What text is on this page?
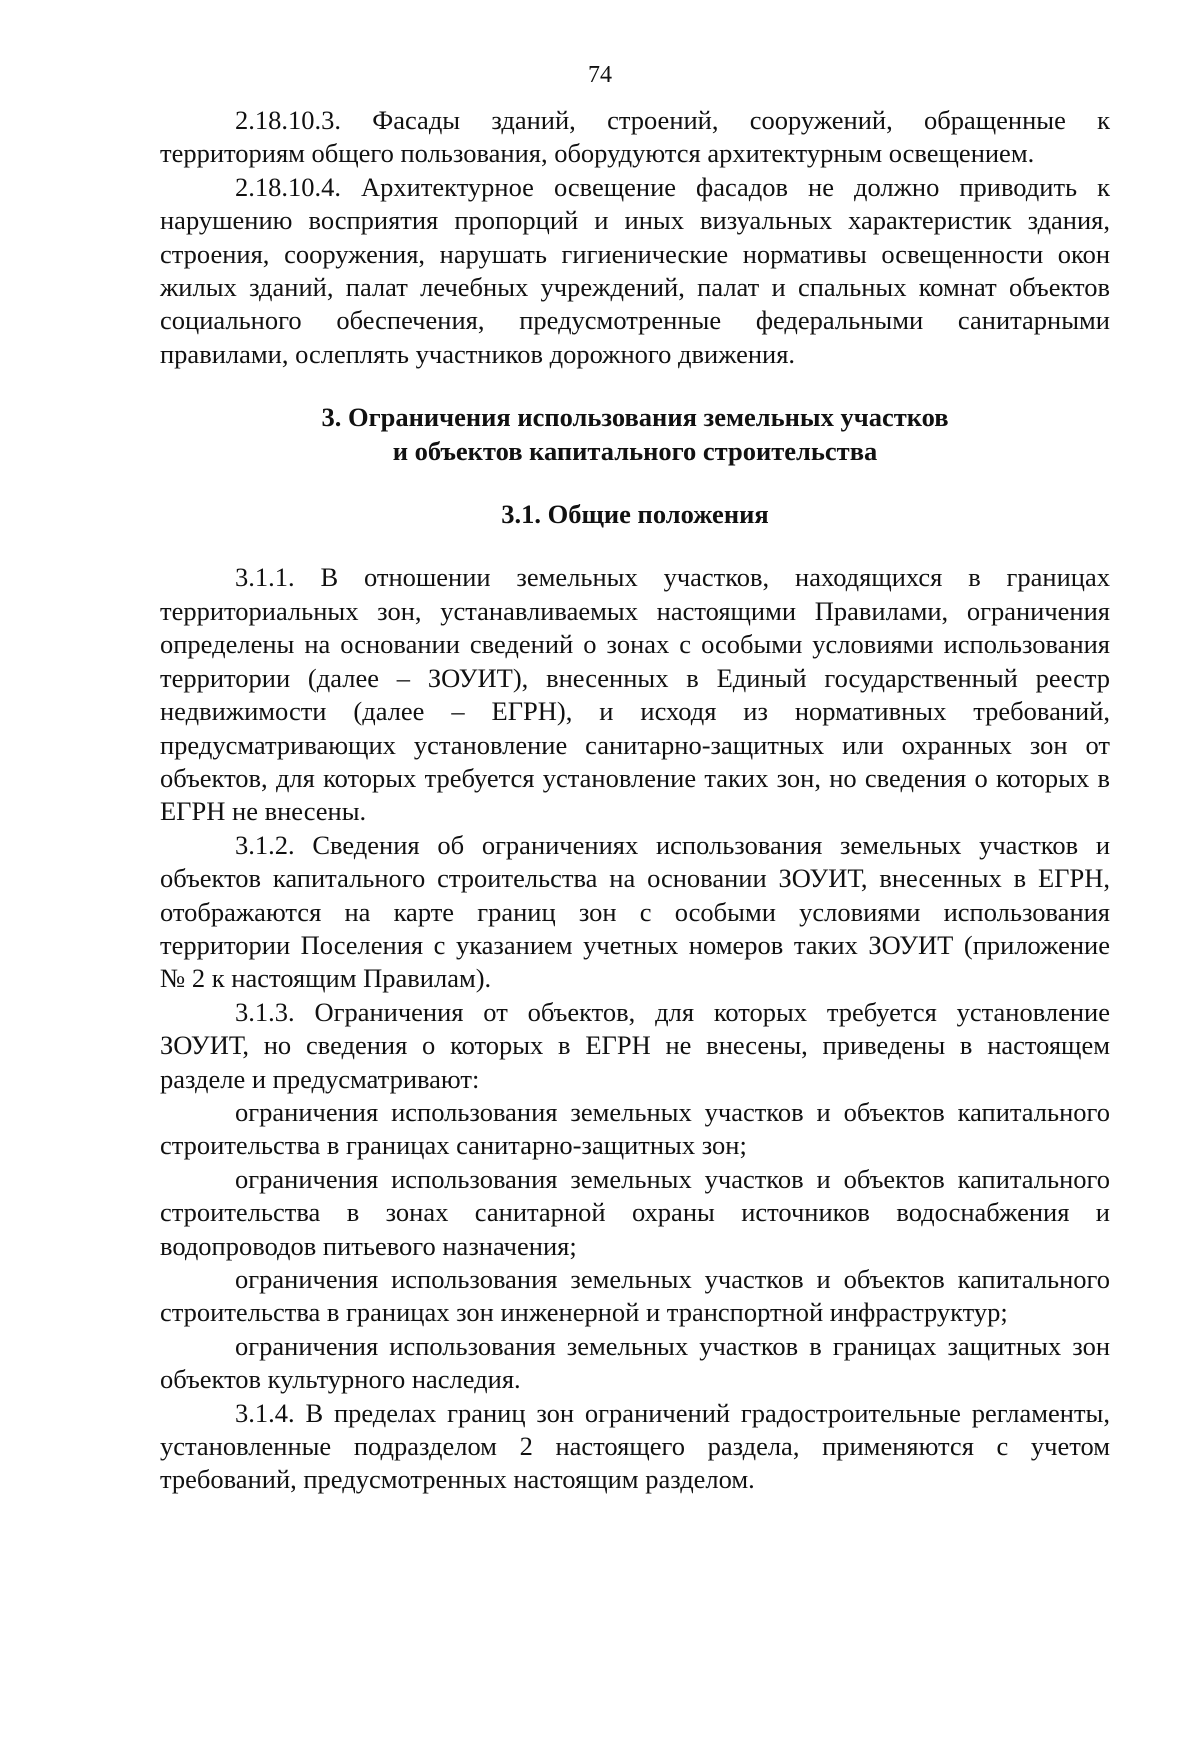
74

2.18.10.3. Фасады зданий, строений, сооружений, обращенные к территориям общего пользования, оборудуются архитектурным освещением.

2.18.10.4. Архитектурное освещение фасадов не должно приводить к нарушению восприятия пропорций и иных визуальных характеристик здания, строения, сооружения, нарушать гигиенические нормативы освещенности окон жилых зданий, палат лечебных учреждений, палат и спальных комнат объектов социального обеспечения, предусмотренные федеральными санитарными правилами, ослеплять участников дорожного движения.

3. Ограничения использования земельных участков
и объектов капитального строительства
3.1. Общие положения

3.1.1. В отношении земельных участков, находящихся в границах территориальных зон, устанавливаемых настоящими Правилами, ограничения определены на основании сведений о зонах с особыми условиями использования территории (далее – ЗОУИТ), внесенных в Единый государственный реестр недвижимости (далее – ЕГРН), и исходя из нормативных требований, предусматривающих установление санитарно-защитных или охранных зон от объектов, для которых требуется установление таких зон, но сведения о которых в ЕГРН не внесены.

3.1.2. Сведения об ограничениях использования земельных участков и объектов капитального строительства на основании ЗОУИТ, внесенных в ЕГРН, отображаются на карте границ зон с особыми условиями использования территории Поселения с указанием учетных номеров таких ЗОУИТ (приложение № 2 к настоящим Правилам).

3.1.3. Ограничения от объектов, для которых требуется установление ЗОУИТ, но сведения о которых в ЕГРН не внесены, приведены в настоящем разделе и предусматривают:

ограничения использования земельных участков и объектов капитального строительства в границах санитарно-защитных зон;

ограничения использования земельных участков и объектов капитального строительства в зонах санитарной охраны источников водоснабжения и водопроводов питьевого назначения;

ограничения использования земельных участков и объектов капитального строительства в границах зон инженерной и транспортной инфраструктур;

ограничения использования земельных участков в границах защитных зон объектов культурного наследия.

3.1.4. В пределах границ зон ограничений градостроительные регламенты, установленные подразделом 2 настоящего раздела, применяются с учетом требований, предусмотренных настоящим разделом.
